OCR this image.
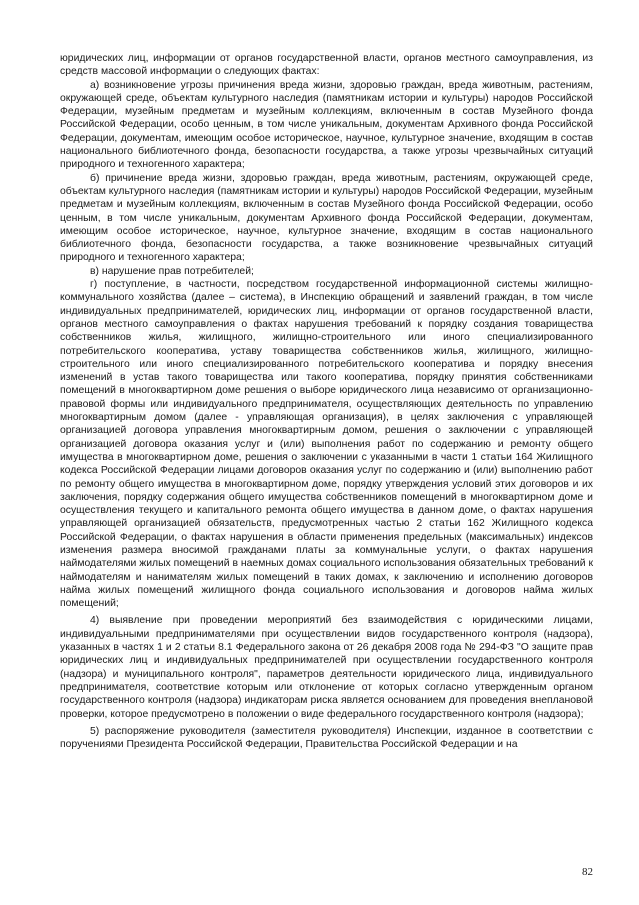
юридических лиц, информации от органов государственной власти, органов местного самоуправления, из средств массовой информации о следующих фактах:

а) возникновение угрозы причинения вреда жизни, здоровью граждан, вреда животным, растениям, окружающей среде, объектам культурного наследия (памятникам истории и культуры) народов Российской Федерации, музейным предметам и музейным коллекциям, включенным в состав Музейного фонда Российской Федерации, особо ценным, в том числе уникальным, документам Архивного фонда Российской Федерации, документам, имеющим особое историческое, научное, культурное значение, входящим в состав национального библиотечного фонда, безопасности государства, а также угрозы чрезвычайных ситуаций природного и техногенного характера;

б) причинение вреда жизни, здоровью граждан, вреда животным, растениям, окружающей среде, объектам культурного наследия (памятникам истории и культуры) народов Российской Федерации, музейным предметам и музейным коллекциям, включенным в состав Музейного фонда Российской Федерации, особо ценным, в том числе уникальным, документам Архивного фонда Российской Федерации, документам, имеющим особое историческое, научное, культурное значение, входящим в состав национального библиотечного фонда, безопасности государства, а также возникновение чрезвычайных ситуаций природного и техногенного характера;

в) нарушение прав потребителей;

г) поступление, в частности, посредством государственной информационной системы жилищно-коммунального хозяйства (далее – система), в Инспекцию обращений и заявлений граждан, в том числе индивидуальных предпринимателей, юридических лиц, информации от органов государственной власти, органов местного самоуправления о фактах нарушения требований к порядку создания товарищества собственников жилья, жилищного, жилищно-строительного или иного специализированного потребительского кооператива, уставу товарищества собственников жилья, жилищного, жилищно-строительного или иного специализированного потребительского кооператива и порядку внесения изменений в устав такого товарищества или такого кооператива, порядку принятия собственниками помещений в многоквартирном доме решения о выборе юридического лица независимо от организационно-правовой формы или индивидуального предпринимателя, осуществляющих деятельность по управлению многоквартирным домом (далее - управляющая организация), в целях заключения с управляющей организацией договора управления многоквартирным домом, решения о заключении с управляющей организацией договора оказания услуг и (или) выполнения работ по содержанию и ремонту общего имущества в многоквартирном доме, решения о заключении с указанными в части 1 статьи 164 Жилищного кодекса Российской Федерации лицами договоров оказания услуг по содержанию и (или) выполнению работ по ремонту общего имущества в многоквартирном доме, порядку утверждения условий этих договоров и их заключения, порядку содержания общего имущества собственников помещений в многоквартирном доме и осуществления текущего и капитального ремонта общего имущества в данном доме, о фактах нарушения управляющей организацией обязательств, предусмотренных частью 2 статьи 162 Жилищного кодекса Российской Федерации, о фактах нарушения в области применения предельных (максимальных) индексов изменения размера вносимой гражданами платы за коммунальные услуги, о фактах нарушения наймодателями жилых помещений в наемных домах социального использования обязательных требований к наймодателям и нанимателям жилых помещений в таких домах, к заключению и исполнению договоров найма жилых помещений жилищного фонда социального использования и договоров найма жилых помещений;

4) выявление при проведении мероприятий без взаимодействия с юридическими лицами, индивидуальными предпринимателями при осуществлении видов государственного контроля (надзора), указанных в частях 1 и 2 статьи 8.1 Федерального закона от 26 декабря 2008 года № 294-ФЗ "О защите прав юридических лиц и индивидуальных предпринимателей при осуществлении государственного контроля (надзора) и муниципального контроля", параметров деятельности юридического лица, индивидуального предпринимателя, соответствие которым или отклонение от которых согласно утвержденным органом государственного контроля (надзора) индикаторам риска является основанием для проведения внеплановой проверки, которое предусмотрено в положении о виде федерального государственного контроля (надзора);

5) распоряжение руководителя (заместителя руководителя) Инспекции, изданное в соответствии с поручениями Президента Российской Федерации, Правительства Российской Федерации и на

82
